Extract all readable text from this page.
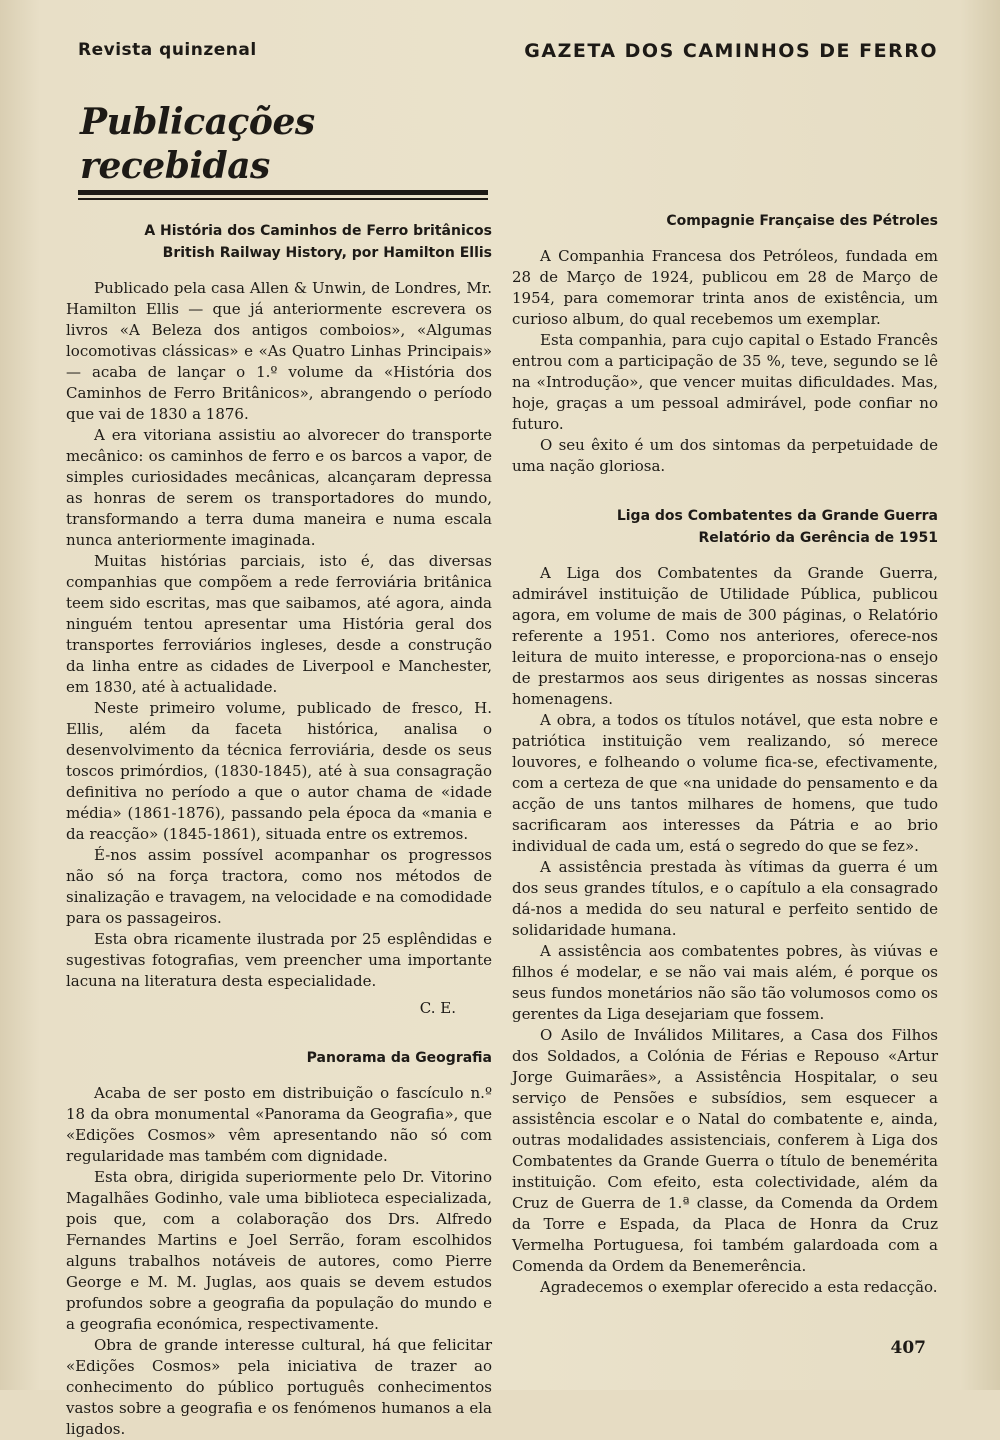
Revista quinzenal	GAZETA DOS CAMINHOS DE FERRO
Publicações recebidas
A História dos Caminhos de Ferro britânicos
British Railway History, por Hamilton Ellis

Publicado pela casa Allen & Unwin, de Londres, Mr. Hamilton Ellis — que já anteriormente escrevera os livros «A Beleza dos antigos comboios», «Algumas locomotivas clássicas» e «As Quatro Linhas Principais» — acaba de lançar o 1.º volume da «História dos Caminhos de Ferro Britânicos», abrangendo o período que vai de 1830 a 1876.

A era vitoriana assistiu ao alvorecer do transporte mecânico: os caminhos de ferro e os barcos a vapor, de simples curiosidades mecânicas, alcançaram depressa as honras de serem os transportadores do mundo, transformando a terra duma maneira e numa escala nunca anteriormente imaginada.

Muitas histórias parciais, isto é, das diversas companhias que compõem a rede ferroviária britânica teem sido escritas, mas que saibamos, até agora, ainda ninguém tentou apresentar uma História geral dos transportes ferroviários ingleses, desde a construção da linha entre as cidades de Liverpool e Manchester, em 1830, até à actualidade.

Neste primeiro volume, publicado de fresco, H. Ellis, além da faceta histórica, analisa o desenvolvimento da técnica ferroviária, desde os seus toscos primórdios, (1830-1845), até à sua consagração definitiva no período a que o autor chama de «idade média» (1861-1876), passando pela época da «mania e da reacção» (1845-1861), situada entre os extremos.

É-nos assim possível acompanhar os progressos não só na força tractora, como nos métodos de sinalização e travagem, na velocidade e na comodidade para os passageiros.

Esta obra ricamente ilustrada por 25 esplêndidas e sugestivas fotografias, vem preencher uma importante lacuna na literatura desta especialidade.

C. E.

Panorama da Geografia

Acaba de ser posto em distribuição o fascículo n.º 18 da obra monumental «Panorama da Geografia», que «Edições Cosmos» vêm apresentando não só com regularidade mas também com dignidade.

Esta obra, dirigida superiormente pelo Dr. Vitorino Magalhães Godinho, vale uma biblioteca especializada, pois que, com a colaboração dos Drs. Alfredo Fernandes Martins e Joel Serrão, foram escolhidos alguns trabalhos notáveis de autores, como Pierre George e M. M. Juglas, aos quais se devem estudos profundos sobre a geografia da população do mundo e a geografia económica, respectivamente.

Obra de grande interesse cultural, há que felicitar «Edições Cosmos» pela iniciativa de trazer ao conhecimento do público português conhecimentos vastos sobre a geografia e os fenómenos humanos a ela ligados.

Compagnie Française des Pétroles

A Companhia Francesa dos Petróleos, fundada em 28 de Março de 1924, publicou em 28 de Março de 1954, para comemorar trinta anos de existência, um curioso album, do qual recebemos um exemplar.

Esta companhia, para cujo capital o Estado Francês entrou com a participação de 35 %, teve, segundo se lê na «Introdução», que vencer muitas dificuldades. Mas, hoje, graças a um pessoal admirável, pode confiar no futuro.

O seu êxito é um dos sintomas da perpetuidade de uma nação gloriosa.

Liga dos Combatentes da Grande Guerra
Relatório da Gerência de 1951

A Liga dos Combatentes da Grande Guerra, admirável instituição de Utilidade Pública, publicou agora, em volume de mais de 300 páginas, o Relatório referente a 1951. Como nos anteriores, oferece-nos leitura de muito interesse, e proporciona-nas o ensejo de prestarmos aos seus dirigentes as nossas sinceras homenagens.

A obra, a todos os títulos notável, que esta nobre e patriótica instituição vem realizando, só merece louvores, e folheando o volume fica-se, efectivamente, com a certeza de que «na unidade do pensamento e da acção de uns tantos milhares de homens, que tudo sacrificaram aos interesses da Pátria e ao brio individual de cada um, está o segredo do que se fez».

A assistência prestada às vítimas da guerra é um dos seus grandes títulos, e o capítulo a ela consagrado dá-nos a medida do seu natural e perfeito sentido de solidaridade humana.

A assistência aos combatentes pobres, às viúvas e filhos é modelar, e se não vai mais além, é porque os seus fundos monetários não são tão volumosos como os gerentes da Liga desejariam que fossem.

O Asilo de Inválidos Militares, a Casa dos Filhos dos Soldados, a Colónia de Férias e Repouso «Artur Jorge Guimarães», a Assistência Hospitalar, o seu serviço de Pensões e subsídios, sem esquecer a assistência escolar e o Natal do combatente e, ainda, outras modalidades assistenciais, conferem à Liga dos Combatentes da Grande Guerra o título de benemérita instituição. Com efeito, esta colectividade, além da Cruz de Guerra de 1.ª classe, da Comenda da Ordem da Torre e Espada, da Placa de Honra da Cruz Vermelha Portuguesa, foi também galardoada com a Comenda da Ordem da Benemerência.

Agradecemos o exemplar oferecido a esta redacção.

407
